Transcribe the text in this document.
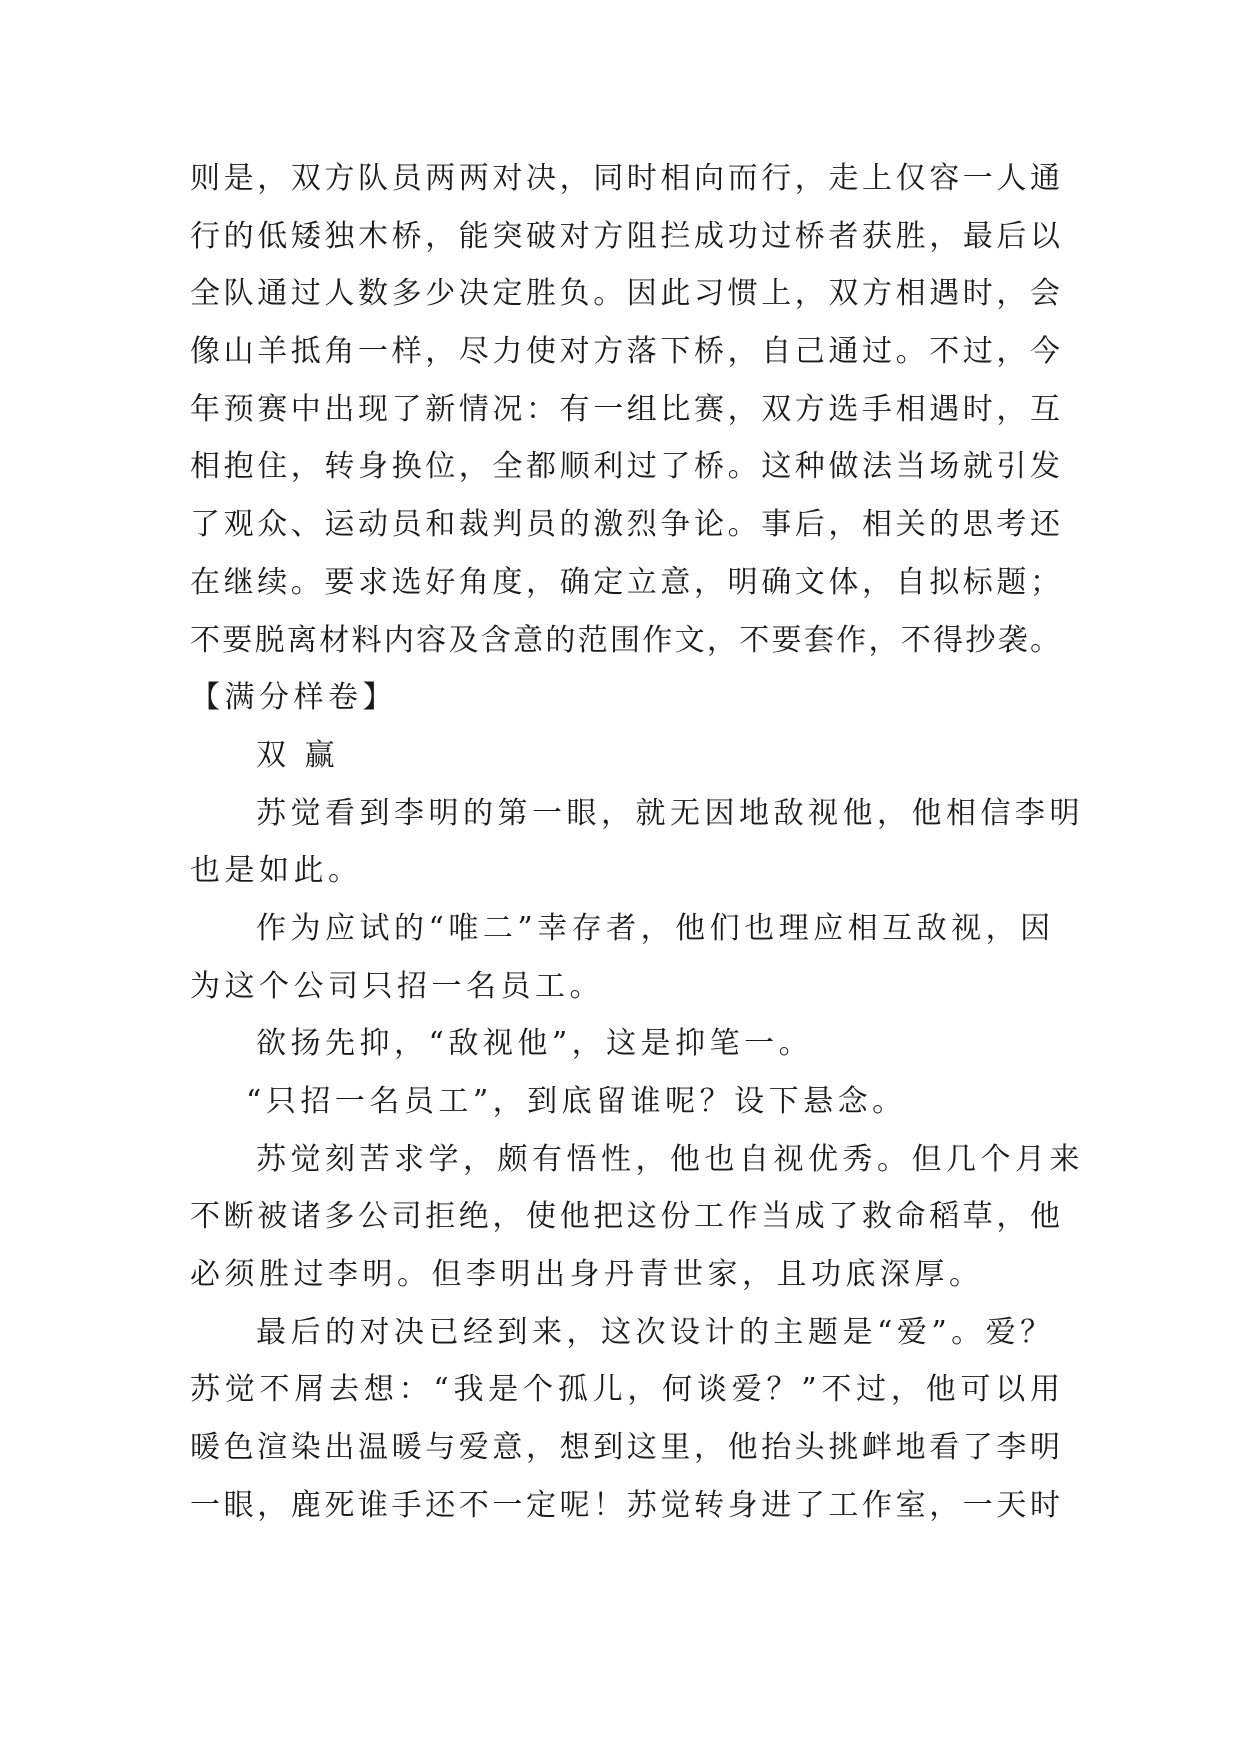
则是，双方队员两两对决，同时相向而行，走上仅容一人通
行的低矮独木桥，能突破对方阻拦成功过桥者获胜，最后以
全队通过人数多少决定胜负。因此习惯上，双方相遇时，会
像山羊抵角一样，尽力使对方落下桥，自己通过。不过，今
年预赛中出现了新情况：有一组比赛，双方选手相遇时，互
相抱住，转身换位，全都顺利过了桥。这种做法当场就引发
了观众、运动员和裁判员的激烈争论。事后，相关的思考还
在继续。要求选好角度，确定立意，明确文体，自拟标题；
不要脱离材料内容及含意的范围作文，不要套作，不得抄袭。
【满分样卷】
双 赢
苏觉看到李明的第一眼，就无因地敌视他，他相信李明
也是如此。
作为应试的“唯二”幸存者，他们也理应相互敌视，因
为这个公司只招一名员工。
欲扬先抑，“敌视他”，这是抑笔一。
“只招一名员工”，到底留谁呢？设下悬念。
苏觉刻苦求学，颇有悟性，他也自视优秀。但几个月来
不断被诸多公司拒绝，使他把这份工作当成了救命稻草，他
必须胜过李明。但李明出身丹青世家，且功底深厚。
最后的对决已经到来，这次设计的主题是“爱”。爱？
苏觉不屑去想：“我是个孤儿，何谈爱？”不过，他可以用
暖色渲染出温暖与爱意，想到这里，他抬头挑衅地看了李明
一眼，鹿死谁手还不一定呢！苏觉转身进了工作室，一天时
